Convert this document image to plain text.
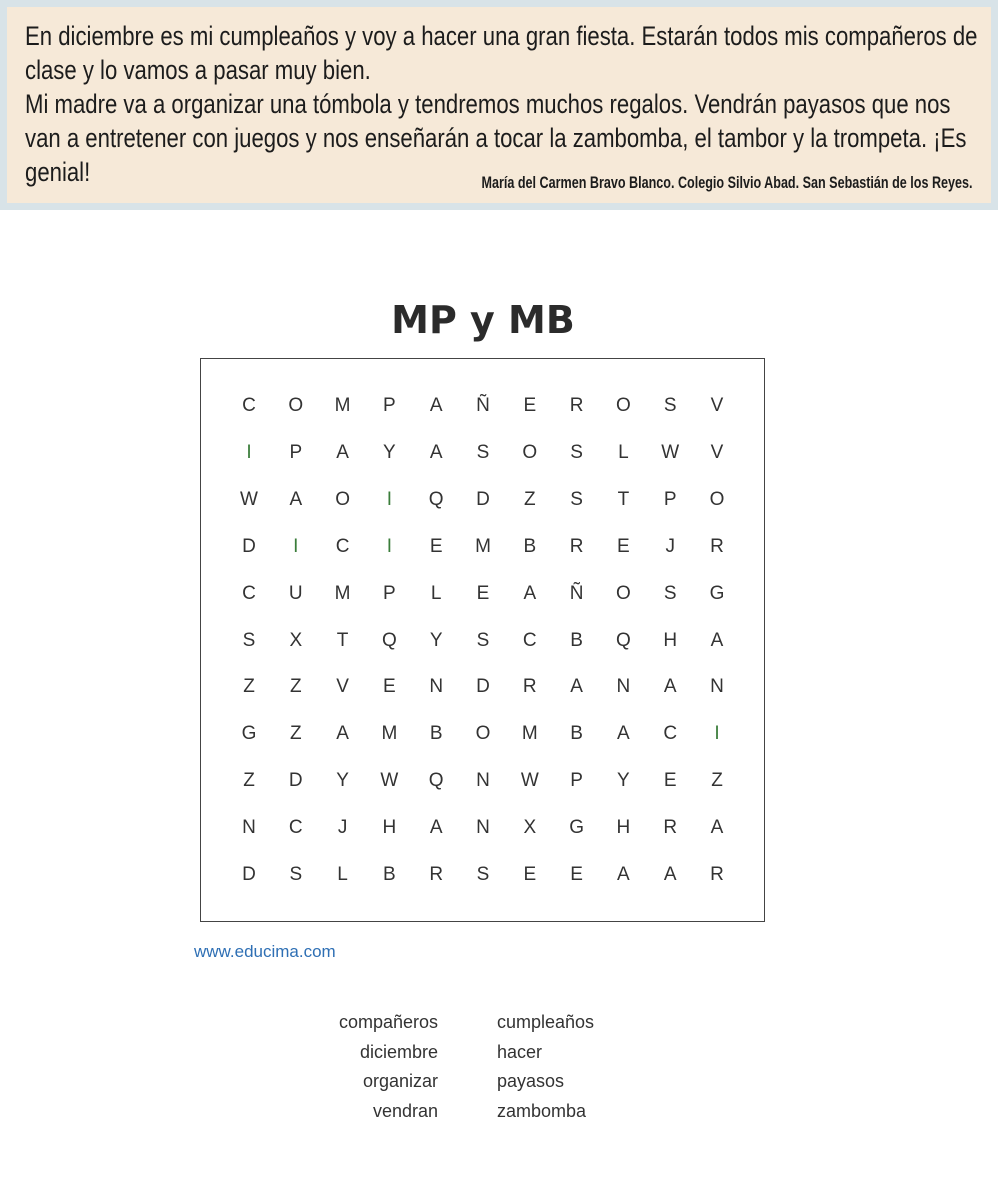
En diciembre es mi cumpleaños y voy a hacer una gran fiesta. Estarán todos mis compañeros de clase y lo vamos a pasar muy bien.

Mi madre va a organizar una tómbola y tendremos muchos regalos. Vendrán payasos que nos van a entretener con juegos y nos enseñarán a tocar la zambomba, el tambor y la trompeta. ¡Es genial!	María del Carmen Bravo Blanco. Colegio Silvio Abad. San Sebastián de los Reyes.
MP y MB
C	O	M	P	A	Ñ	E	R	O	S	V
I	P	A	Y	A	S	O	S	L	W	V
W	A	O	I	Q	D	Z	S	T	P	O
D	I	C	I	E	M	B	R	E	J	R
C	U	M	P	L	E	A	Ñ	O	S	G
S	X	T	Q	Y	S	C	B	Q	H	A
Z	Z	V	E	N	D	R	A	N	A	N
G	Z	A	M	B	O	M	B	A	C	I
Z	D	Y	W	Q	N	W	P	Y	E	Z
N	C	J	H	A	N	X	G	H	R	A
D	S	L	B	R	S	E	E	A	A	R
www.educima.com
compañeros
diciembre
organizar
vendran
cumpleaños
hacer
payasos
zambomba
